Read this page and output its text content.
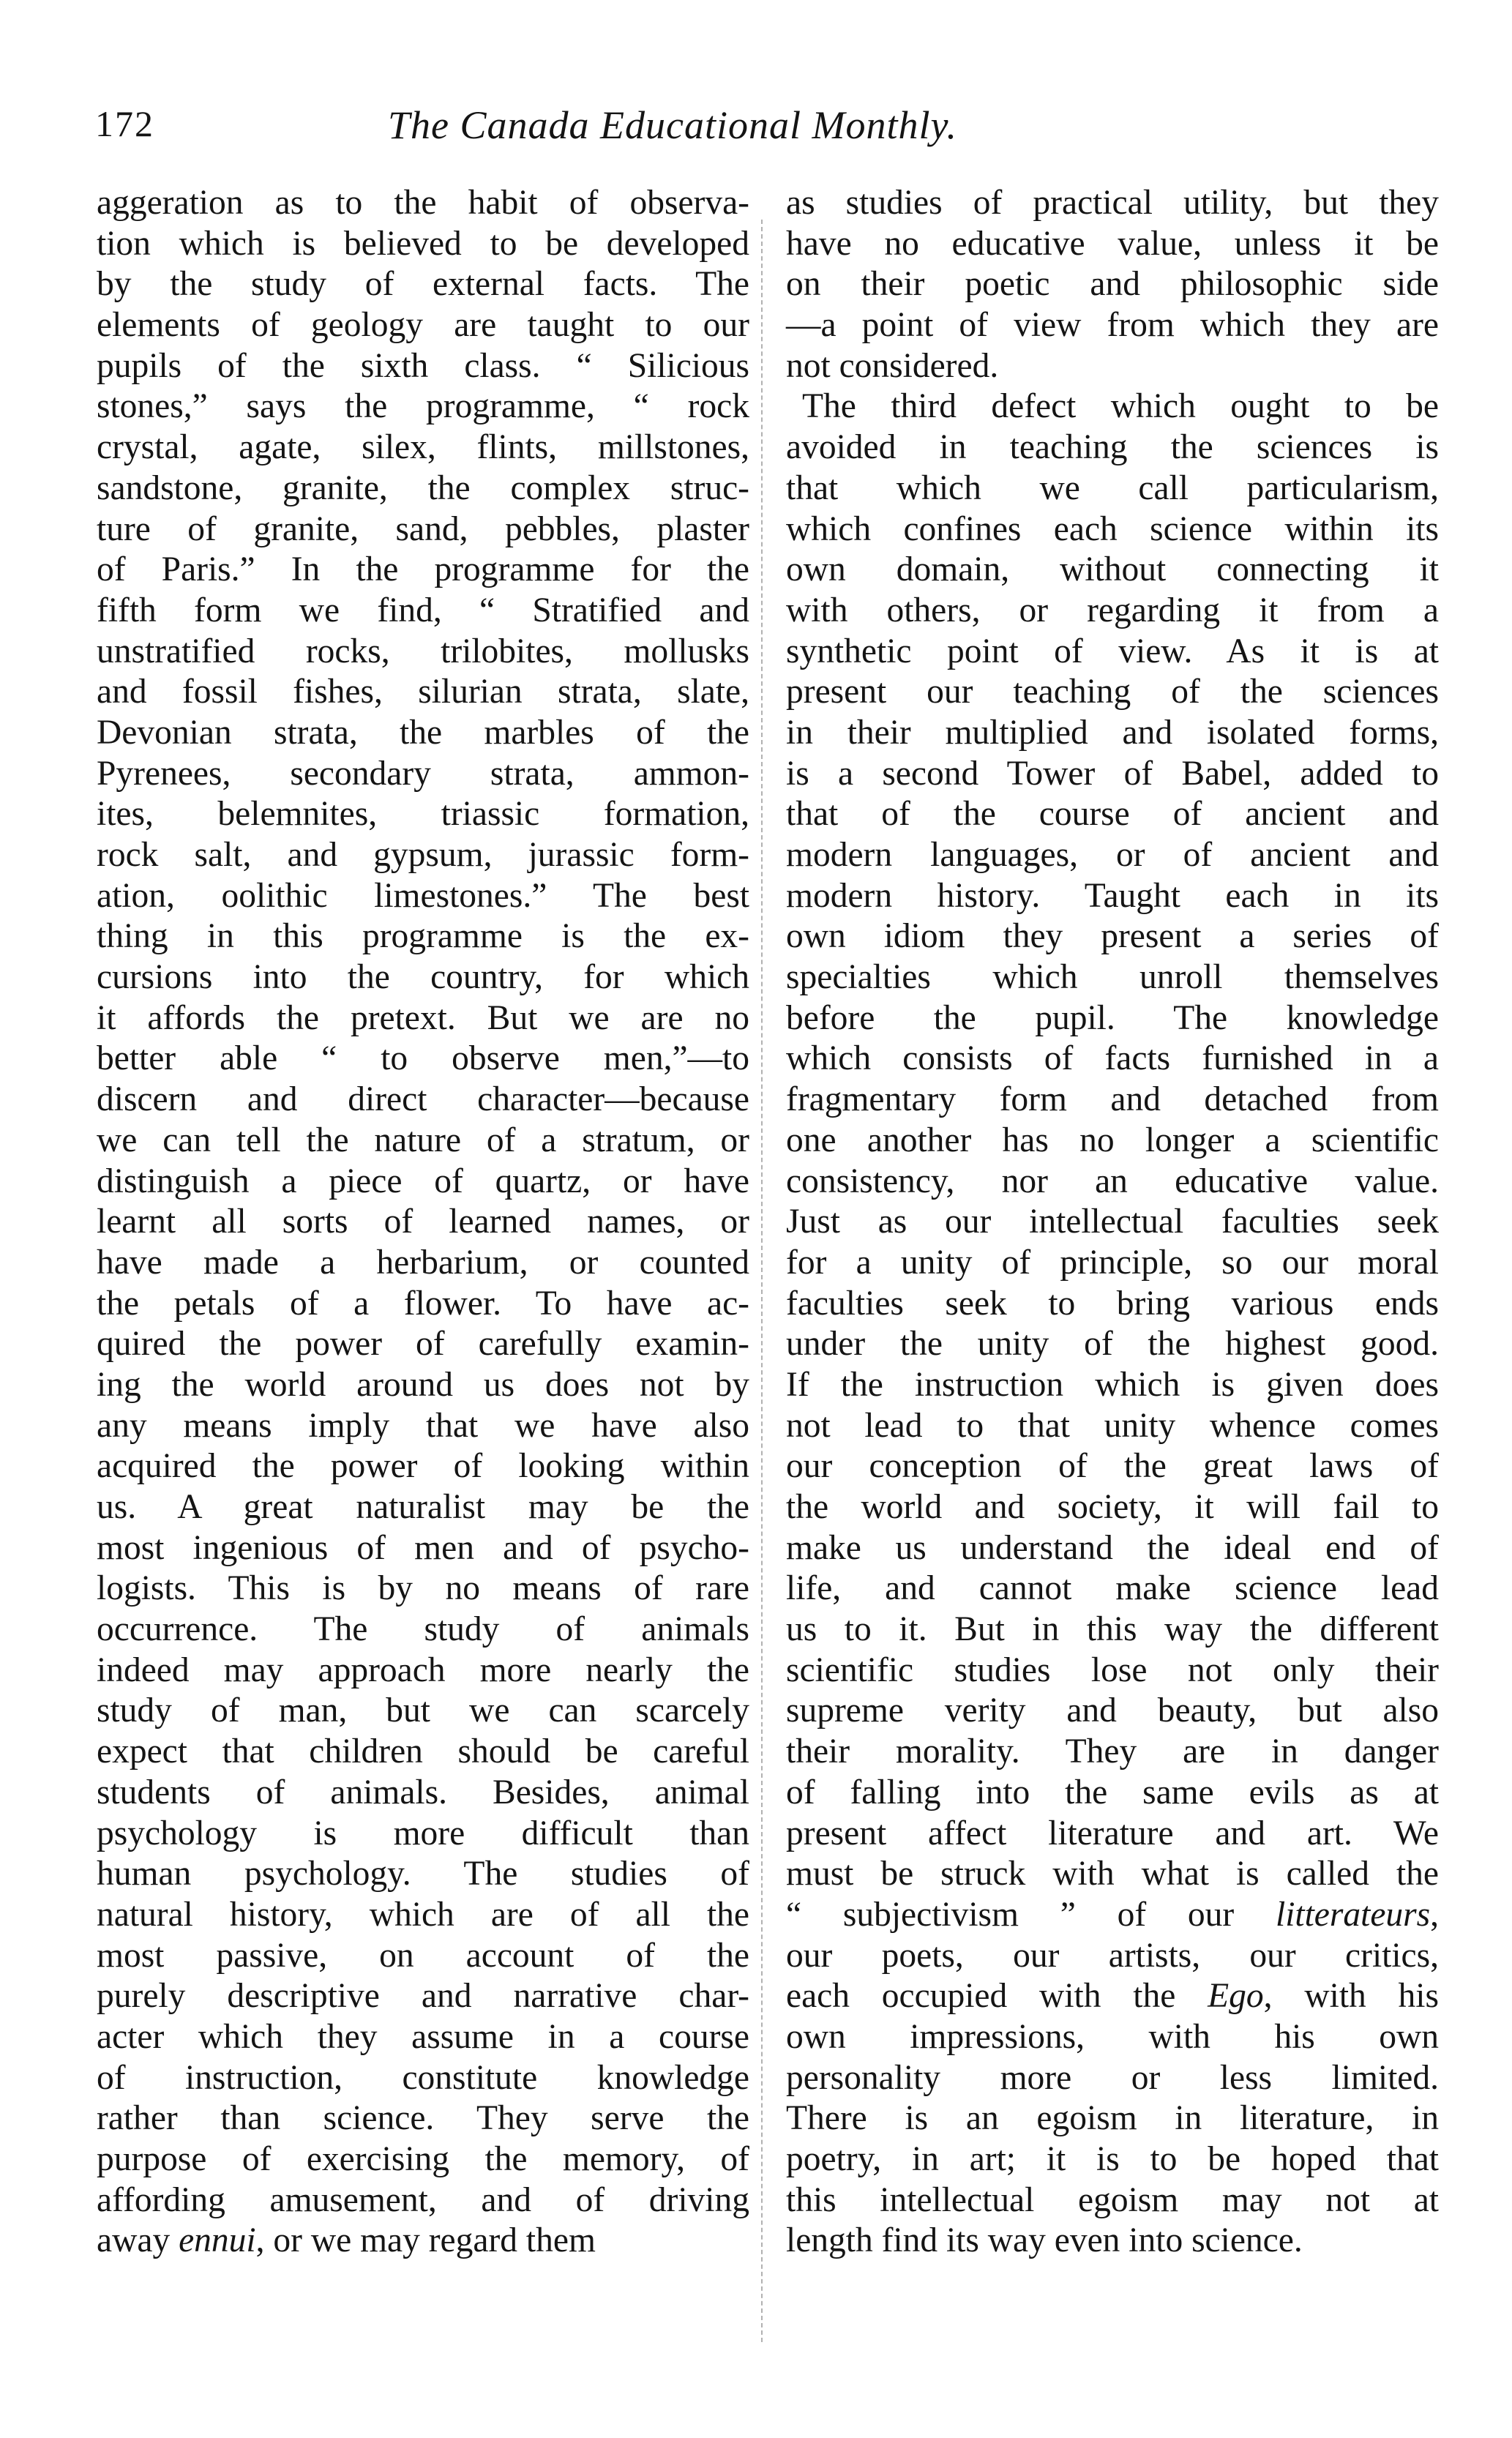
172	The Canada Educational Monthly.
aggeration as to the habit of observa-
tion which is believed to be developed
by the study of external facts. The
elements of geology are taught to our
pupils of the sixth class. “ Silicious
stones,” says the programme, “ rock
crystal, agate, silex, flints, millstones,
sandstone, granite, the complex struc-
ture of granite, sand, pebbles, plaster
of Paris.” In the programme for the
fifth form we find, “ Stratified and
unstratified rocks, trilobites, mollusks
and fossil fishes, silurian strata, slate,
Devonian strata, the marbles of the
Pyrenees, secondary strata, ammon-
ites, belemnites, triassic formation,
rock salt, and gypsum, jurassic form-
ation, oolithic limestones.” The best
thing in this programme is the ex-
cursions into the country, for which
it affords the pretext. But we are no
better able “ to observe men,”—to
discern and direct character—because
we can tell the nature of a stratum, or
distinguish a piece of quartz, or have
learnt all sorts of learned names, or
have made a herbarium, or counted
the petals of a flower. To have ac-
quired the power of carefully examin-
ing the world around us does not by
any means imply that we have also
acquired the power of looking within
us. A great naturalist may be the
most ingenious of men and of psycho-
logists. This is by no means of rare
occurrence. The study of animals
indeed may approach more nearly the
study of man, but we can scarcely
expect that children should be careful
students of animals. Besides, animal
psychology is more difficult than
human psychology. The studies of
natural history, which are of all the
most passive, on account of the
purely descriptive and narrative char-
acter which they assume in a course
of instruction, constitute knowledge
rather than science. They serve the
purpose of exercising the memory, of
affording amusement, and of driving
away ennui, or we may regard them
as studies of practical utility, but they
have no educative value, unless it be
on their poetic and philosophic side
—a point of view from which they are
not considered.
The third defect which ought to be
avoided in teaching the sciences is
that which we call particularism,
which confines each science within its
own domain, without connecting it
with others, or regarding it from a
synthetic point of view. As it is at
present our teaching of the sciences
in their multiplied and isolated forms,
is a second Tower of Babel, added to
that of the course of ancient and
modern languages, or of ancient and
modern history. Taught each in its
own idiom they present a series of
specialties which unroll themselves
before the pupil. The knowledge
which consists of facts furnished in a
fragmentary form and detached from
one another has no longer a scientific
consistency, nor an educative value.
Just as our intellectual faculties seek
for a unity of principle, so our moral
faculties seek to bring various ends
under the unity of the highest good.
If the instruction which is given does
not lead to that unity whence comes
our conception of the great laws of
the world and society, it will fail to
make us understand the ideal end of
life, and cannot make science lead
us to it. But in this way the different
scientific studies lose not only their
supreme verity and beauty, but also
their morality. They are in danger
of falling into the same evils as at
present affect literature and art. We
must be struck with what is called the
“ subjectivism ” of our litterateurs,
our poets, our artists, our critics,
each occupied with the Ego, with his
own impressions, with his own
personality more or less limited.
There is an egoism in literature, in
poetry, in art; it is to be hoped that
this intellectual egoism may not at
length find its way even into science.
